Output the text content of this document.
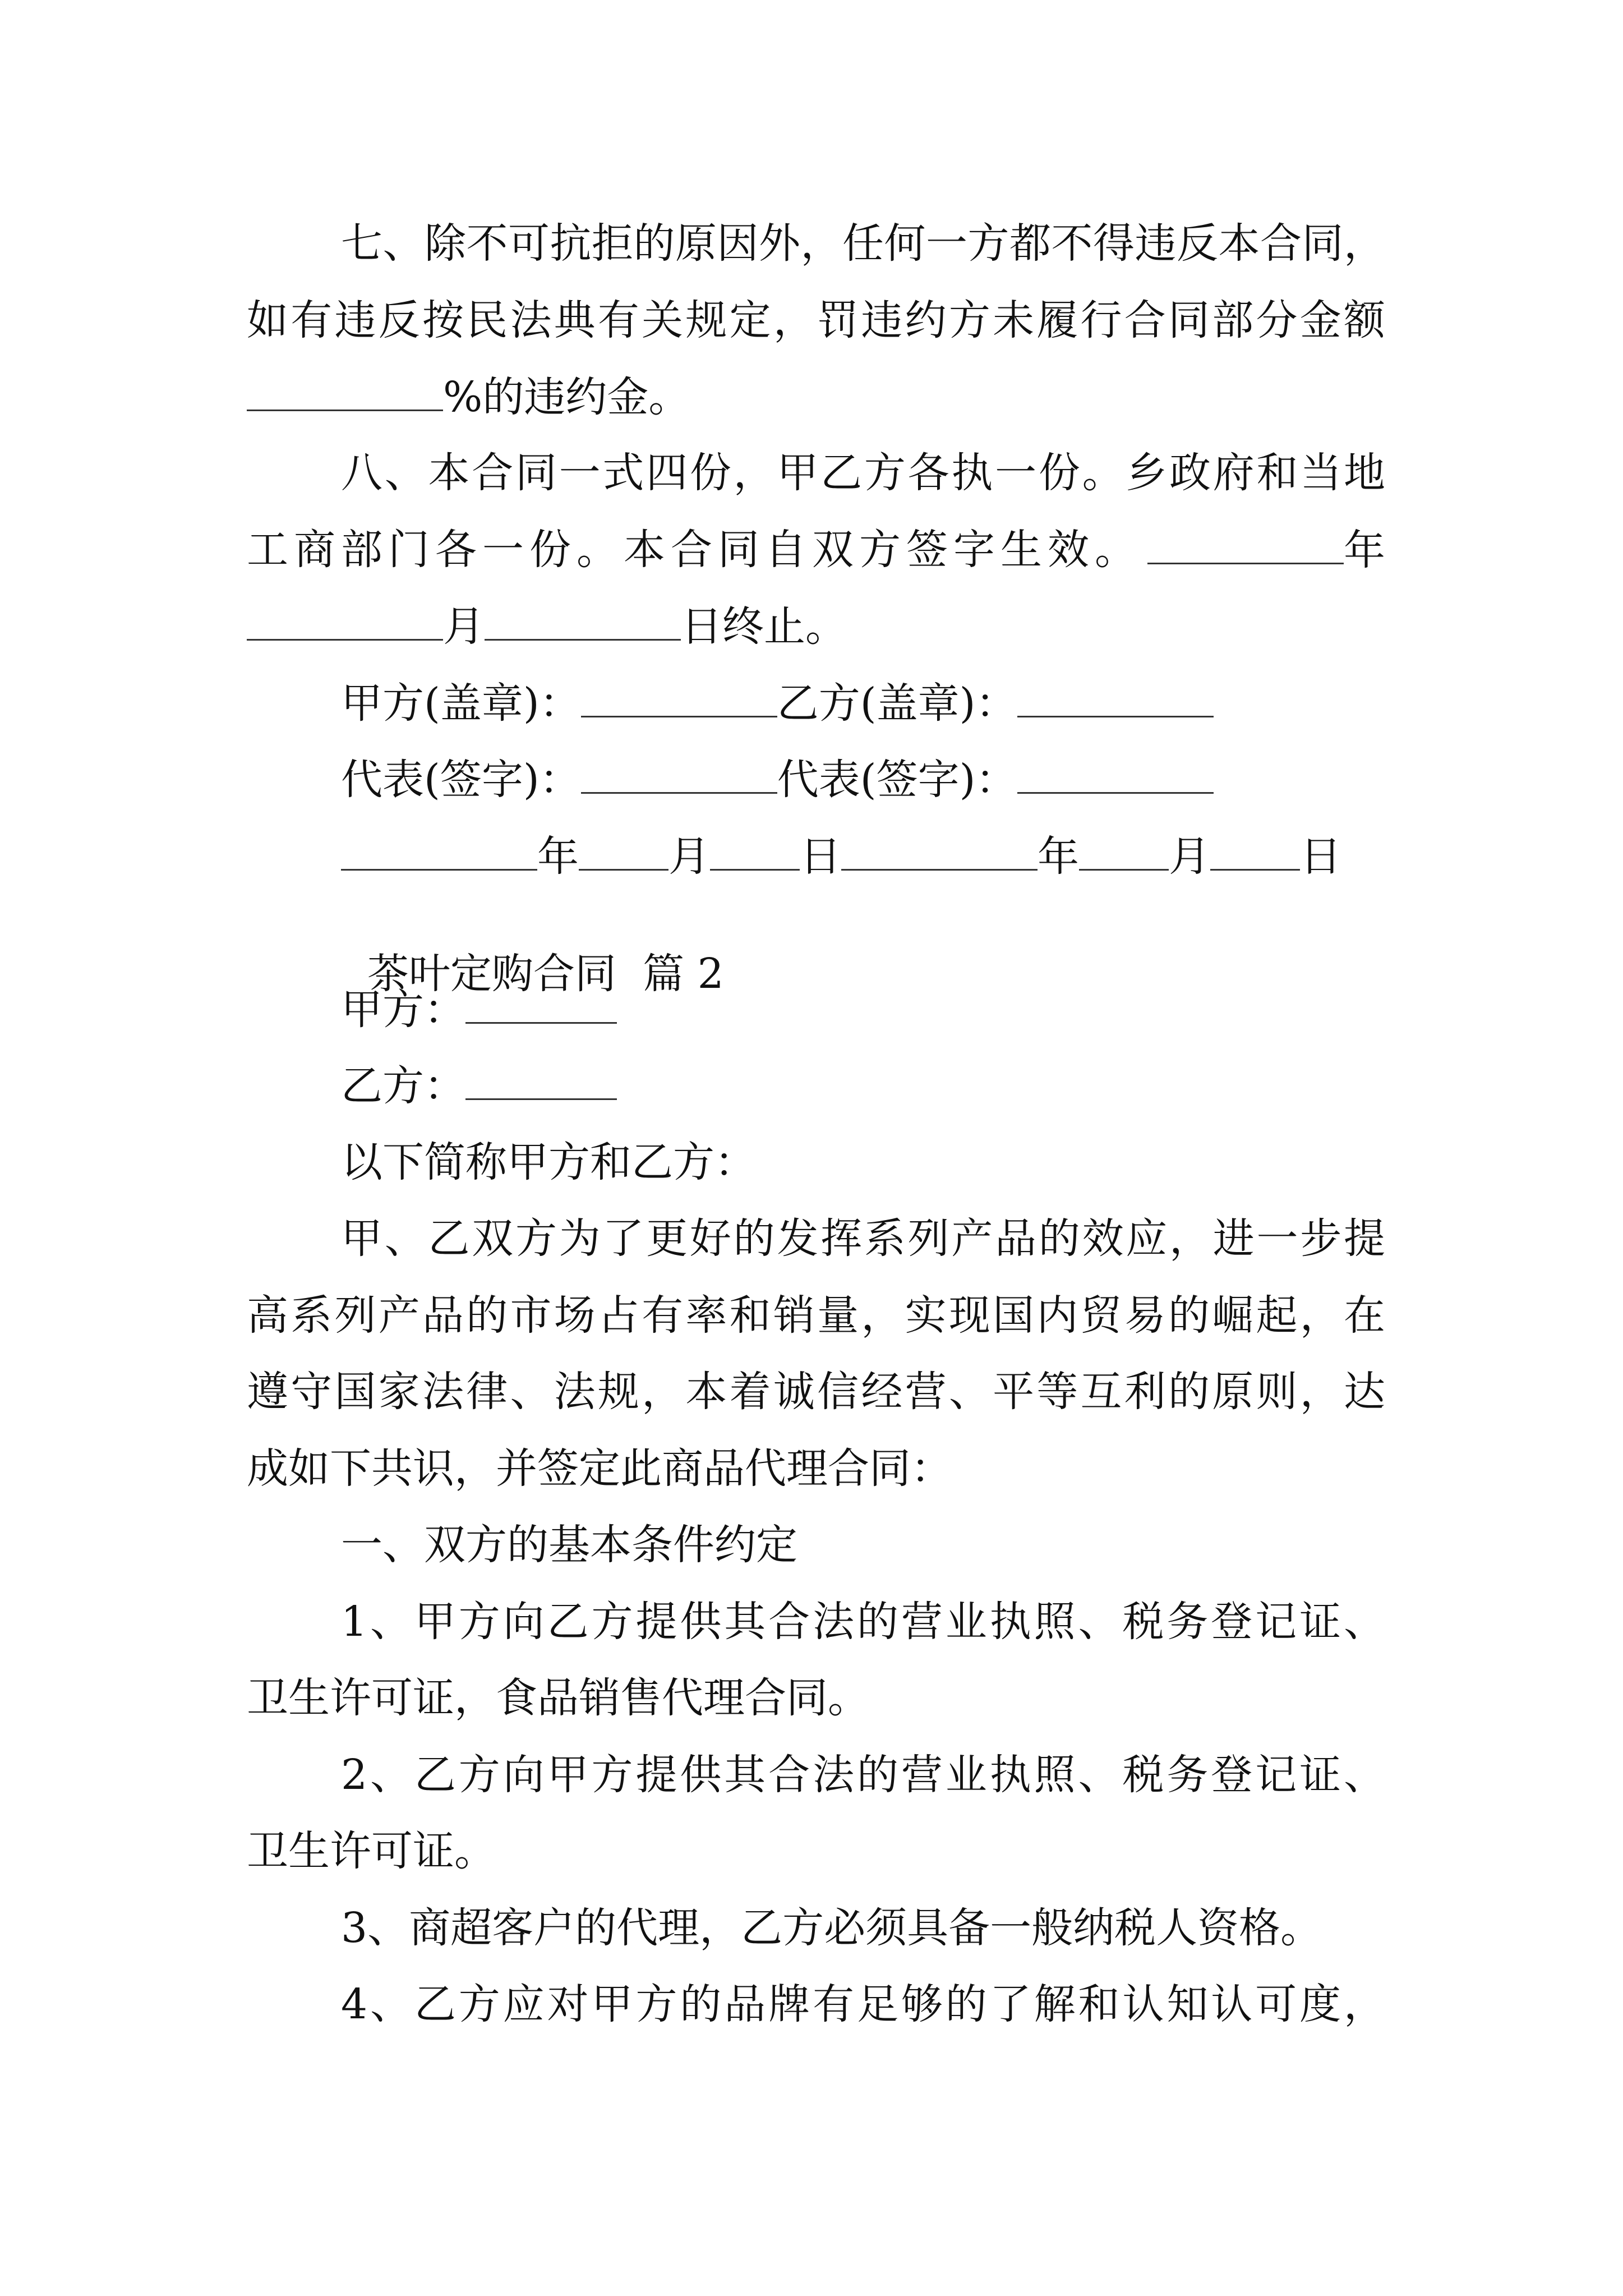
七、除不可抗拒的原因外，任何一方都不得违反本合同，
如有违反按民法典有关规定，罚违约方未履行合同部分金额
%的违约金。
八、本合同一式四份，甲乙方各执一份。乡政府和当地
工商部门各一份。本合同自双方签字生效。	年
月	日终止。
甲方(盖章)：	乙方(盖章)：
代表(签字)：	代表(签字)：
年 月 日	年 月 日

茶叶定购合同  篇 2

甲方：
乙方：
以下简称甲方和乙方：
甲、乙双方为了更好的发挥系列产品的效应，进一步提
高系列产品的市场占有率和销量，实现国内贸易的崛起，在
遵守国家法律、法规，本着诚信经营、平等互利的原则，达
成如下共识，并签定此商品代理合同：
一、双方的基本条件约定
1、甲方向乙方提供其合法的营业执照、税务登记证、
卫生许可证，食品销售代理合同。
2、乙方向甲方提供其合法的营业执照、税务登记证、
卫生许可证。
3、商超客户的代理，乙方必须具备一般纳税人资格。
4、乙方应对甲方的品牌有足够的了解和认知认可度，
